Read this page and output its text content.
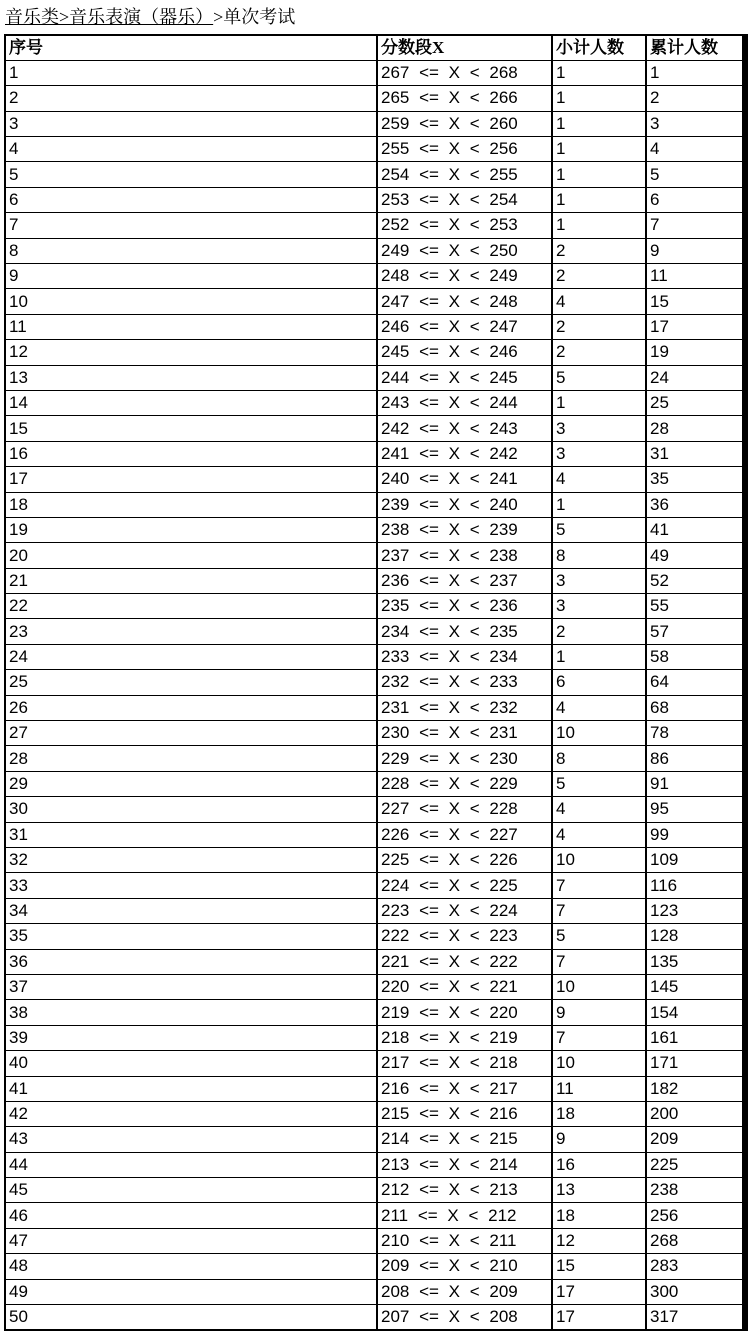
音乐类>音乐表演（器乐）>单次考试
序号	分数段X	小计人数	累计人数
1	267 <= X < 268	1	1
2	265 <= X < 266	1	2
3	259 <= X < 260	1	3
4	255 <= X < 256	1	4
5	254 <= X < 255	1	5
6	253 <= X < 254	1	6
7	252 <= X < 253	1	7
8	249 <= X < 250	2	9
9	248 <= X < 249	2	11
10	247 <= X < 248	4	15
11	246 <= X < 247	2	17
12	245 <= X < 246	2	19
13	244 <= X < 245	5	24
14	243 <= X < 244	1	25
15	242 <= X < 243	3	28
16	241 <= X < 242	3	31
17	240 <= X < 241	4	35
18	239 <= X < 240	1	36
19	238 <= X < 239	5	41
20	237 <= X < 238	8	49
21	236 <= X < 237	3	52
22	235 <= X < 236	3	55
23	234 <= X < 235	2	57
24	233 <= X < 234	1	58
25	232 <= X < 233	6	64
26	231 <= X < 232	4	68
27	230 <= X < 231	10	78
28	229 <= X < 230	8	86
29	228 <= X < 229	5	91
30	227 <= X < 228	4	95
31	226 <= X < 227	4	99
32	225 <= X < 226	10	109
33	224 <= X < 225	7	116
34	223 <= X < 224	7	123
35	222 <= X < 223	5	128
36	221 <= X < 222	7	135
37	220 <= X < 221	10	145
38	219 <= X < 220	9	154
39	218 <= X < 219	7	161
40	217 <= X < 218	10	171
41	216 <= X < 217	11	182
42	215 <= X < 216	18	200
43	214 <= X < 215	9	209
44	213 <= X < 214	16	225
45	212 <= X < 213	13	238
46	211 <= X < 212	18	256
47	210 <= X < 211	12	268
48	209 <= X < 210	15	283
49	208 <= X < 209	17	300
50	207 <= X < 208	17	317
